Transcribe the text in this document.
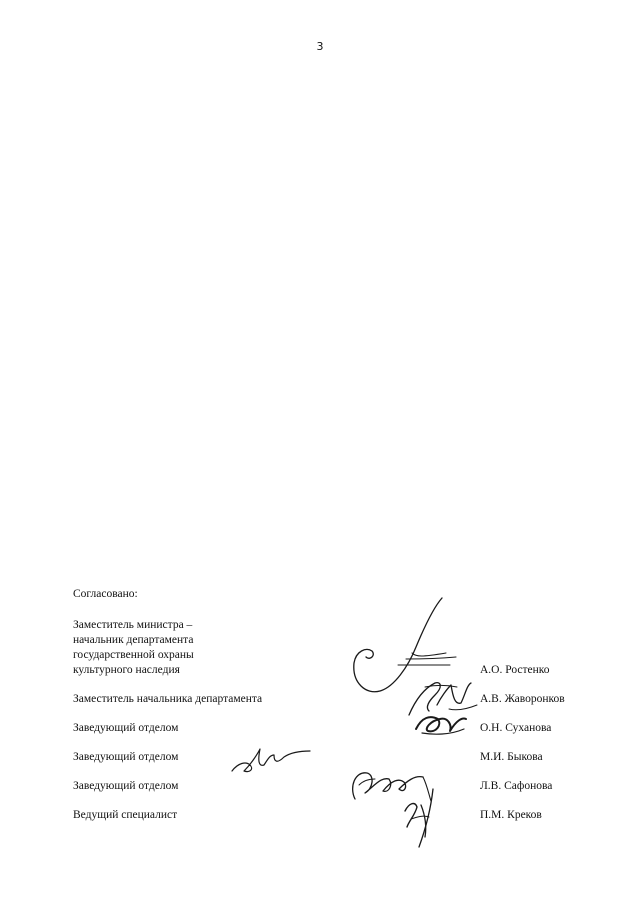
3
Согласовано:
Заместитель министра –
начальник департамента
государственной охраны
культурного наследия	А.О. Ростенко
Заместитель начальника департамента	А.В. Жаворонков
Заведующий отделом	О.Н. Суханова
Заведующий отделом	М.И. Быкова
Заведующий отделом	Л.В. Сафонова
Ведущий специалист	П.М. Креков
